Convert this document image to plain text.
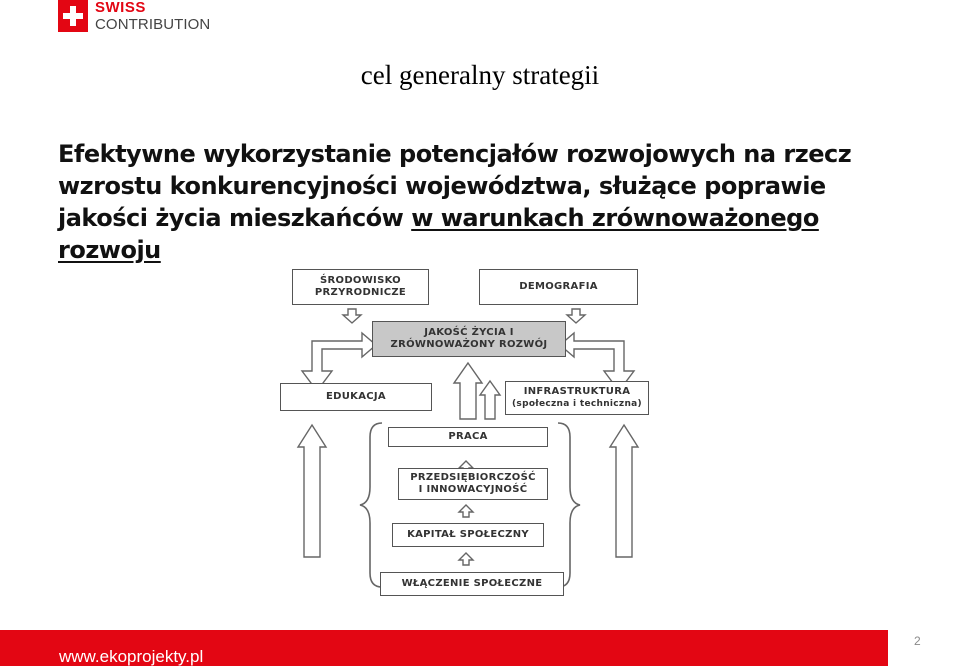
SWISS
CONTRIBUTION
cel generalny strategii
Efektywne wykorzystanie potencjałów rozwojowych na rzecz wzrostu konkurencyjności województwa, służące poprawie jakości życia mieszkańców w warunkach zrównoważonego rozwoju
ŚRODOWISKO
PRZYRODNICZE
DEMOGRAFIA
JAKOŚĆ ŻYCIA I
ZRÓWNOWAŻONY ROZWÓJ
EDUKACJA	INFRASTRUKTURA
(społeczna i techniczna)
PRACA
PRZEDSIĘBIORCZOŚĆ
I INNOWACYJNOŚĆ
KAPITAŁ SPOŁECZNY
WŁĄCZENIE SPOŁECZNE
www.ekoprojekty.pl
2
